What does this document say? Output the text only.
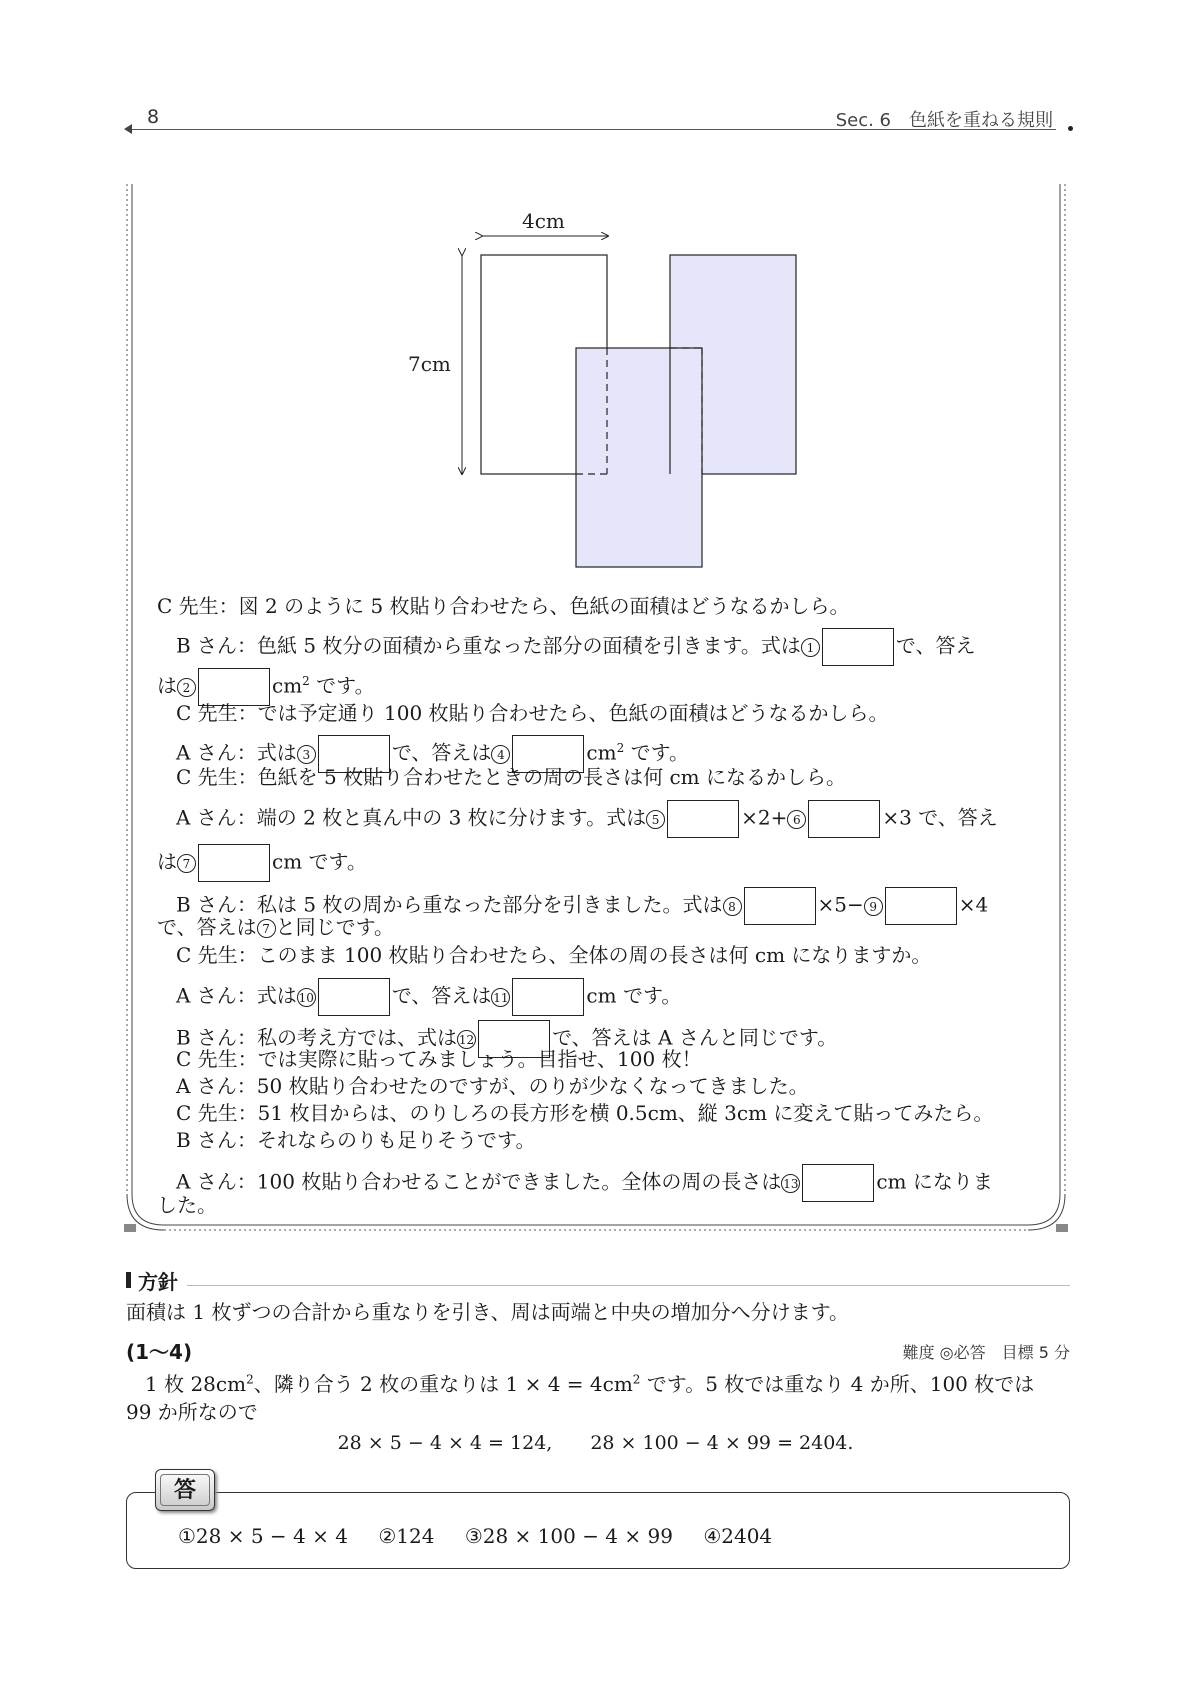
8	Sec. 6　色紙を重ねる規則
4cm
7cm
C 先生：図 2 のように 5 枚貼り合わせたら、色紙の面積はどうなるかしら。
B さん：色紙 5 枚分の面積から重なった部分の面積を引きます。式は 1	で、答え
は 2	$cm^2$ です。
C 先生：では予定通り 100 枚貼り合わせたら、色紙の面積はどうなるかしら。
A さん：式は 3	で、答えは 4	$cm^2$ です。
C 先生：色紙を 5 枚貼り合わせたときの周の長さは何 cm になるかしら。
A さん：端の 2 枚と真ん中の 3 枚に分けます。式は 5	×2+ 6	×3 で、答え
は 7	cm です。
B さん：私は 5 枚の周から重なった部分を引きました。式は 8	×5− 9	×4
で、答えは 7 と同じです。
C 先生：このまま 100 枚貼り合わせたら、全体の周の長さは何 cm になりますか。
A さん：式は 10	で、答えは 11	cm です。
B さん：私の考え方では、式は 12	で、答えは A さんと同じです。
C 先生：では実際に貼ってみましょう。目指せ、100 枚！
A さん：50 枚貼り合わせたのですが、のりが少なくなってきました。
C 先生：51 枚目からは、のりしろの長方形を横 0.5cm、縦 3cm に変えて貼ってみたら。
B さん：それならのりも足りそうです。
A さん：100 枚貼り合わせることができました。全体の周の長さは 13	cm になりま
した。
方針
面積は 1 枚ずつの合計から重なりを引き、周は両端と中央の増加分へ分けます。
(1〜4)	難度 ◎必答　目標 5 分
1 枚 $28cm^2$、隣り合う 2 枚の重なりは $1 \times 4 = 4cm^2$ です。5 枚では重なり 4 か所、100 枚では
99 か所なので
28 × 5 − 4 × 4 = 124,　　28 × 100 − 4 × 99 = 2404.
答
①28 × 5 − 4 × 4 ②124 ③28 × 100 − 4 × 99 ④2404
